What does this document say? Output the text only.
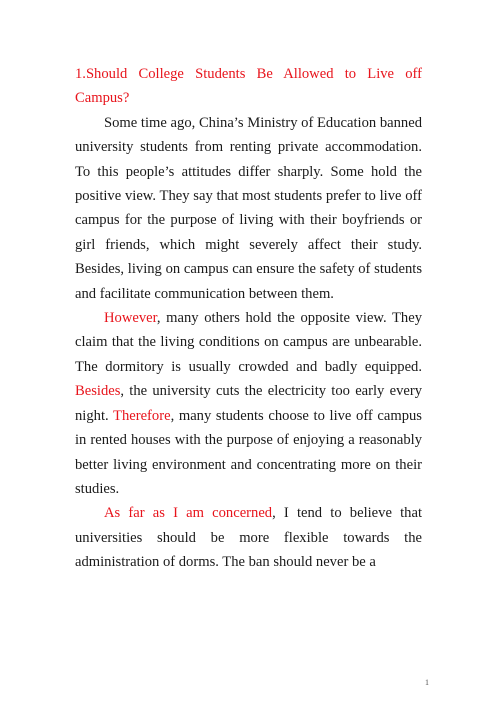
1.Should College Students Be Allowed to Live off
Campus?

Some time ago, China’s Ministry of Education banned university students from renting private accommodation. To this people’s attitudes differ sharply. Some hold the positive view. They say that most students prefer to live off campus for the purpose of living with their boyfriends or girl friends, which might severely affect their study. Besides, living on campus can ensure the safety of students and facilitate communication between them.

However, many others hold the opposite view. They claim that the living conditions on campus are unbearable. The dormitory is usually crowded and badly equipped. Besides, the university cuts the electricity too early every night. Therefore, many students choose to live off campus in rented houses with the purpose of enjoying a reasonably better living environment and concentrating more on their studies.

As far as I am concerned, I tend to believe that universities should be more flexible towards the administration of dorms. The ban should never be a

1
